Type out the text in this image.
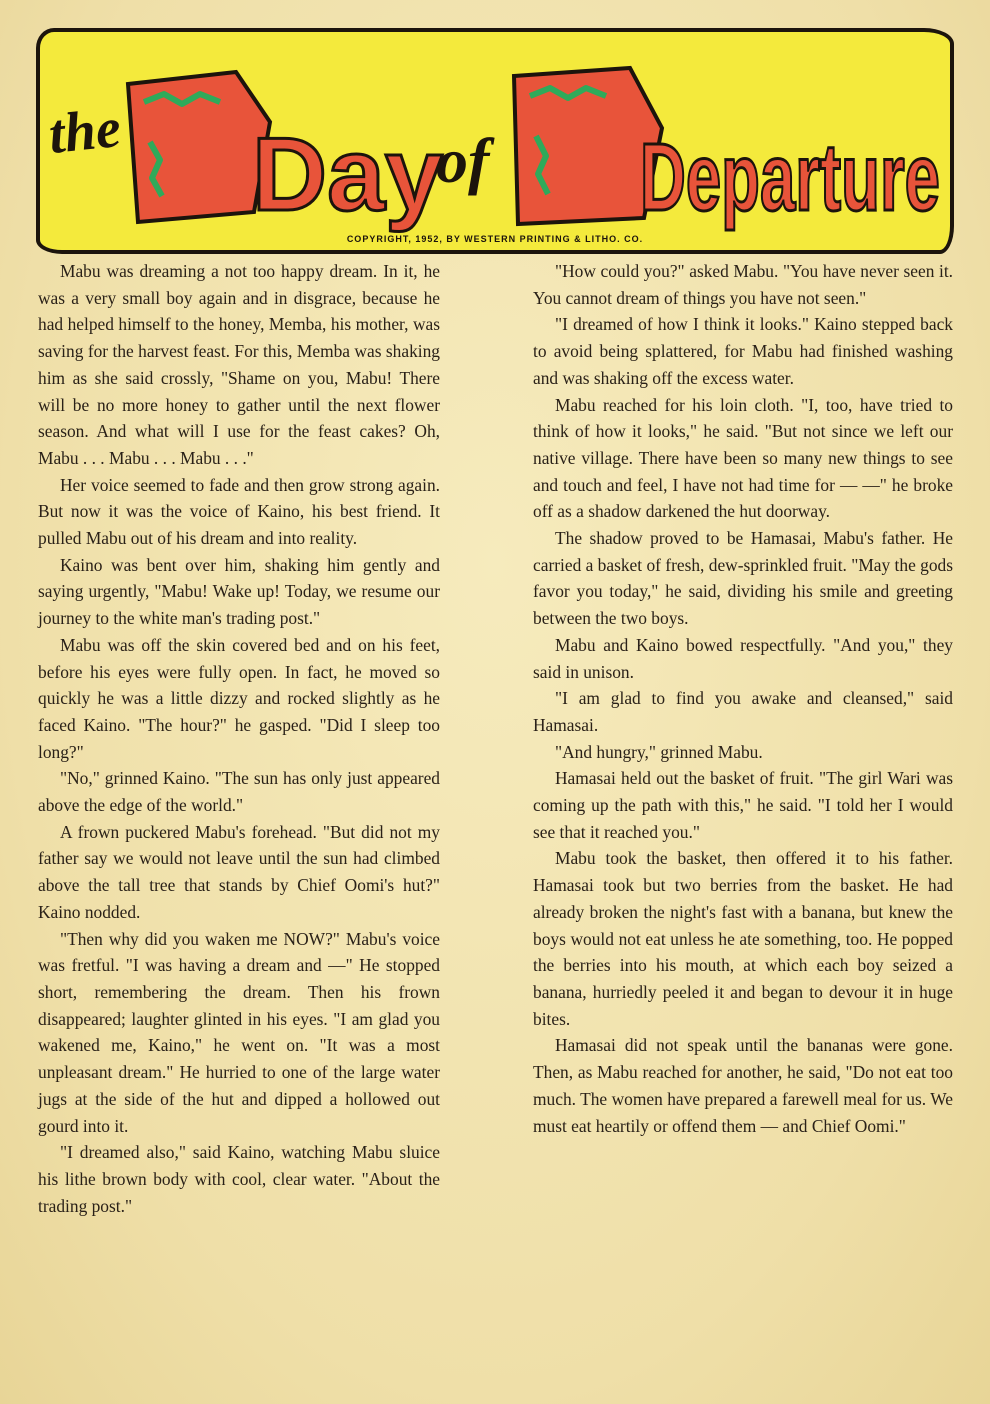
the Day
of Departure
COPYRIGHT, 1952, BY WESTERN PRINTING & LITHO. CO.

Mabu was dreaming a not too happy dream. In it, he was a very small boy again and in disgrace, because he had helped himself to the honey, Memba, his mother, was saving for the harvest feast. For this, Memba was shaking him as she said crossly, "Shame on you, Mabu! There will be no more honey to gather until the next flower season. And what will I use for the feast cakes? Oh, Mabu . . . Mabu . . . Mabu . . ."

Her voice seemed to fade and then grow strong again. But now it was the voice of Kaino, his best friend. It pulled Mabu out of his dream and into reality.

Kaino was bent over him, shaking him gently and saying urgently, "Mabu! Wake up! Today, we resume our journey to the white man's trading post."

Mabu was off the skin covered bed and on his feet, before his eyes were fully open. In fact, he moved so quickly he was a little dizzy and rocked slightly as he faced Kaino. "The hour?" he gasped. "Did I sleep too long?"

"No," grinned Kaino. "The sun has only just appeared above the edge of the world."

A frown puckered Mabu's forehead. "But did not my father say we would not leave until the sun had climbed above the tall tree that stands by Chief Oomi's hut?" Kaino nodded.

"Then why did you waken me NOW?" Mabu's voice was fretful. "I was having a dream and —" He stopped short, remembering the dream. Then his frown disappeared; laughter glinted in his eyes. "I am glad you wakened me, Kaino," he went on. "It was a most unpleasant dream." He hurried to one of the large water jugs at the side of the hut and dipped a hollowed out gourd into it.

"I dreamed also," said Kaino, watching Mabu sluice his lithe brown body with cool, clear water. "About the trading post."

"How could you?" asked Mabu. "You have never seen it. You cannot dream of things you have not seen."

"I dreamed of how I think it looks." Kaino stepped back to avoid being splattered, for Mabu had finished washing and was shaking off the excess water.

Mabu reached for his loin cloth. "I, too, have tried to think of how it looks," he said. "But not since we left our native village. There have been so many new things to see and touch and feel, I have not had time for — —" he broke off as a shadow darkened the hut doorway.

The shadow proved to be Hamasai, Mabu's father. He carried a basket of fresh, dew-sprinkled fruit. "May the gods favor you today," he said, dividing his smile and greeting between the two boys.

Mabu and Kaino bowed respectfully. "And you," they said in unison.

"I am glad to find you awake and cleansed," said Hamasai.

"And hungry," grinned Mabu.

Hamasai held out the basket of fruit. "The girl Wari was coming up the path with this," he said. "I told her I would see that it reached you."

Mabu took the basket, then offered it to his father. Hamasai took but two berries from the basket. He had already broken the night's fast with a banana, but knew the boys would not eat unless he ate something, too. He popped the berries into his mouth, at which each boy seized a banana, hurriedly peeled it and began to devour it in huge bites.

Hamasai did not speak until the bananas were gone. Then, as Mabu reached for another, he said, "Do not eat too much. The women have prepared a farewell meal for us. We must eat heartily or offend them — and Chief Oomi."
